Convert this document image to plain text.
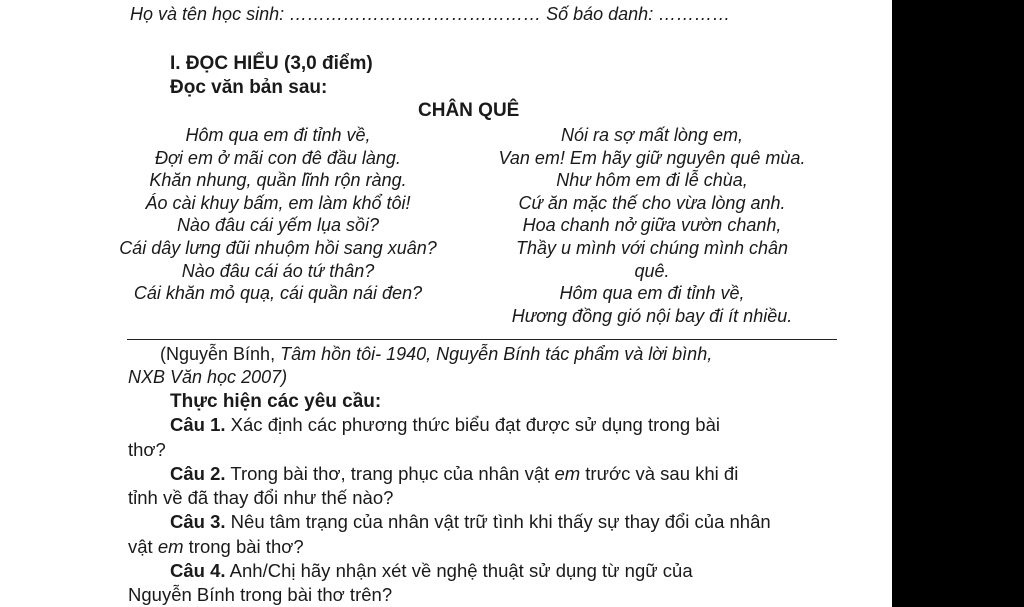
Họ và tên học sinh: …………………………………… Số báo danh: …………
I. ĐỌC HIỂU (3,0 điểm)
Đọc văn bản sau:
CHÂN QUÊ
Hôm qua em đi tỉnh về,
Đợi em ở mãi con đê đầu làng.
Khăn nhung, quần lĩnh rộn ràng.
Áo cài khuy bấm, em làm khổ tôi!
Nào đâu cái yếm lụa sồi?
Cái dây lưng đũi nhuộm hồi sang xuân?
Nào đâu cái áo tứ thân?
Cái khăn mỏ quạ, cái quần nái đen?
Nói ra sợ mất lòng em,
Van em! Em hãy giữ nguyên quê mùa.
Như hôm em đi lễ chùa,
Cứ ăn mặc thế cho vừa lòng anh.
Hoa chanh nở giữa vườn chanh,
Thầy u mình với chúng mình chân
quê.
Hôm qua em đi tỉnh về,
Hương đồng gió nội bay đi ít nhiều.
(Nguyễn Bính, Tâm hồn tôi- 1940, Nguyễn Bính tác phẩm và lời bình,
NXB Văn học 2007)
Thực hiện các yêu cầu:
Câu 1. Xác định các phương thức biểu đạt được sử dụng trong bài
thơ?
Câu 2. Trong bài thơ, trang phục của nhân vật em trước và sau khi đi
tỉnh về đã thay đổi như thế nào?
Câu 3. Nêu tâm trạng của nhân vật trữ tình khi thấy sự thay đổi của nhân
vật em trong bài thơ?
Câu 4. Anh/Chị hãy nhận xét về nghệ thuật sử dụng từ ngữ của
Nguyễn Bính trong bài thơ trên?
